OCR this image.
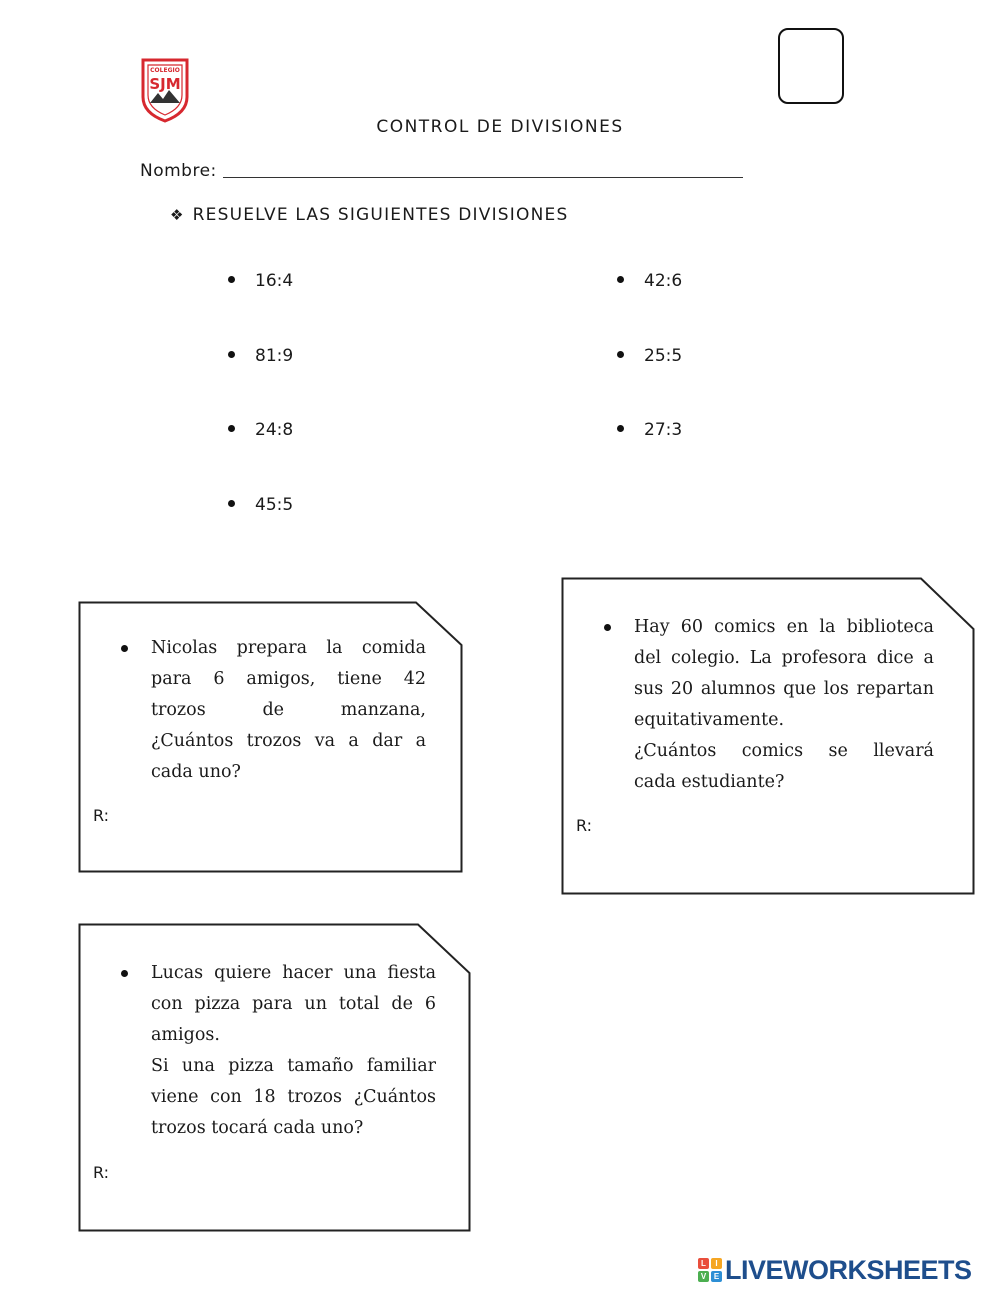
COLEGIO
SJM
CONTROL DE DIVISIONES
Nombre:
❖ RESUELVE LAS SIGUIENTES DIVISIONES
16:4
81:9
24:8
45:5
42:6
25:5
27:3
Nicolas prepara la comida
para 6 amigos, tiene 42
trozos de manzana,
¿Cuántos trozos va a dar a
cada uno?
R:
Hay 60 comics en la biblioteca
del colegio. La profesora dice a
sus 20 alumnos que los repartan
equitativamente.
¿Cuántos comics se llevará
cada estudiante?
R:
Lucas quiere hacer una fiesta
con pizza para un total de 6
amigos.
Si una pizza tamaño familiar
viene con 18 trozos ¿Cuántos
trozos tocará cada uno?
R:
L	I
V E LIVEWORKSHEETS
